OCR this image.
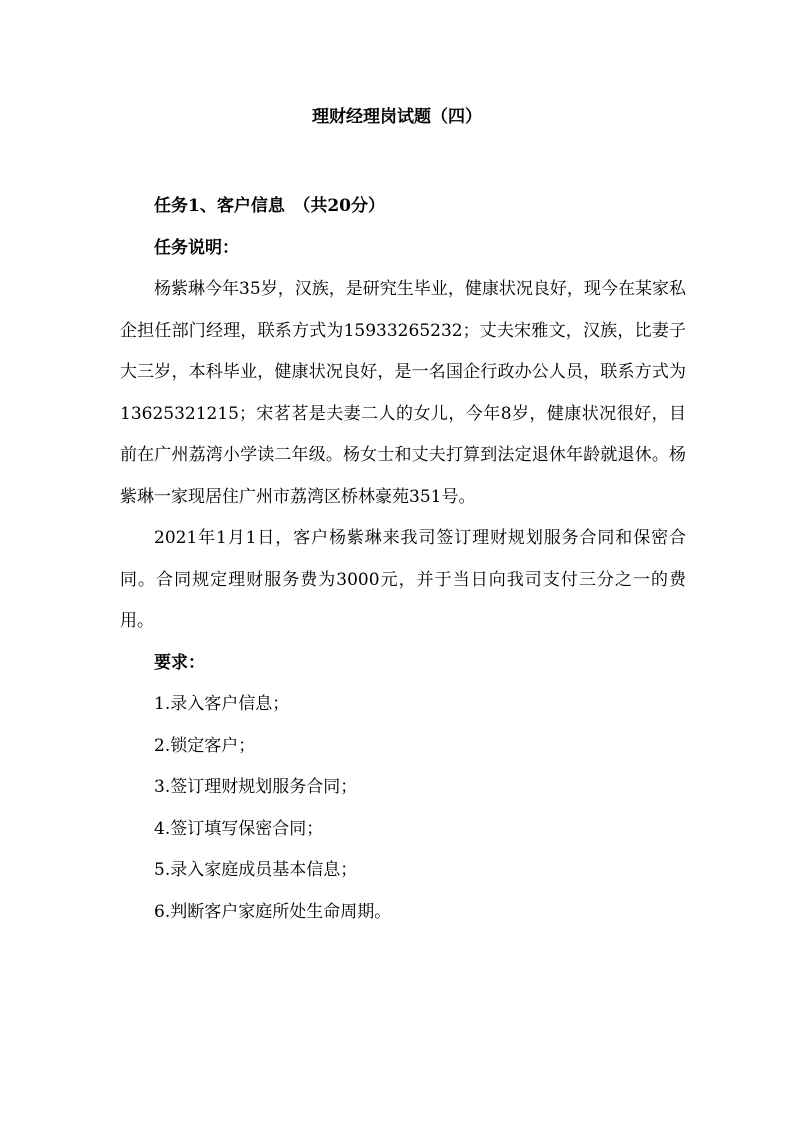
理财经理岗试题（四）

任务1、客户信息　（共20分）

任务说明：

杨紫琳今年35岁，汉族，是研究生毕业，健康状况良好，现今在某家私企担任部门经理，联系方式为15933265232；丈夫宋雅文，汉族，比妻子大三岁，本科毕业，健康状况良好，是一名国企行政办公人员，联系方式为13625321215；宋茗茗是夫妻二人的女儿，今年8岁，健康状况很好，目前在广州荔湾小学读二年级。杨女士和丈夫打算到法定退休年龄就退休。杨紫琳一家现居住广州市荔湾区桥林豪苑351号。

2021年1月1日，客户杨紫琳来我司签订理财规划服务合同和保密合同。合同规定理财服务费为3000元，并于当日向我司支付三分之一的费用。

要求：

1.录入客户信息；

2.锁定客户；

3.签订理财规划服务合同；

4.签订填写保密合同；

5.录入家庭成员基本信息；

6.判断客户家庭所处生命周期。
